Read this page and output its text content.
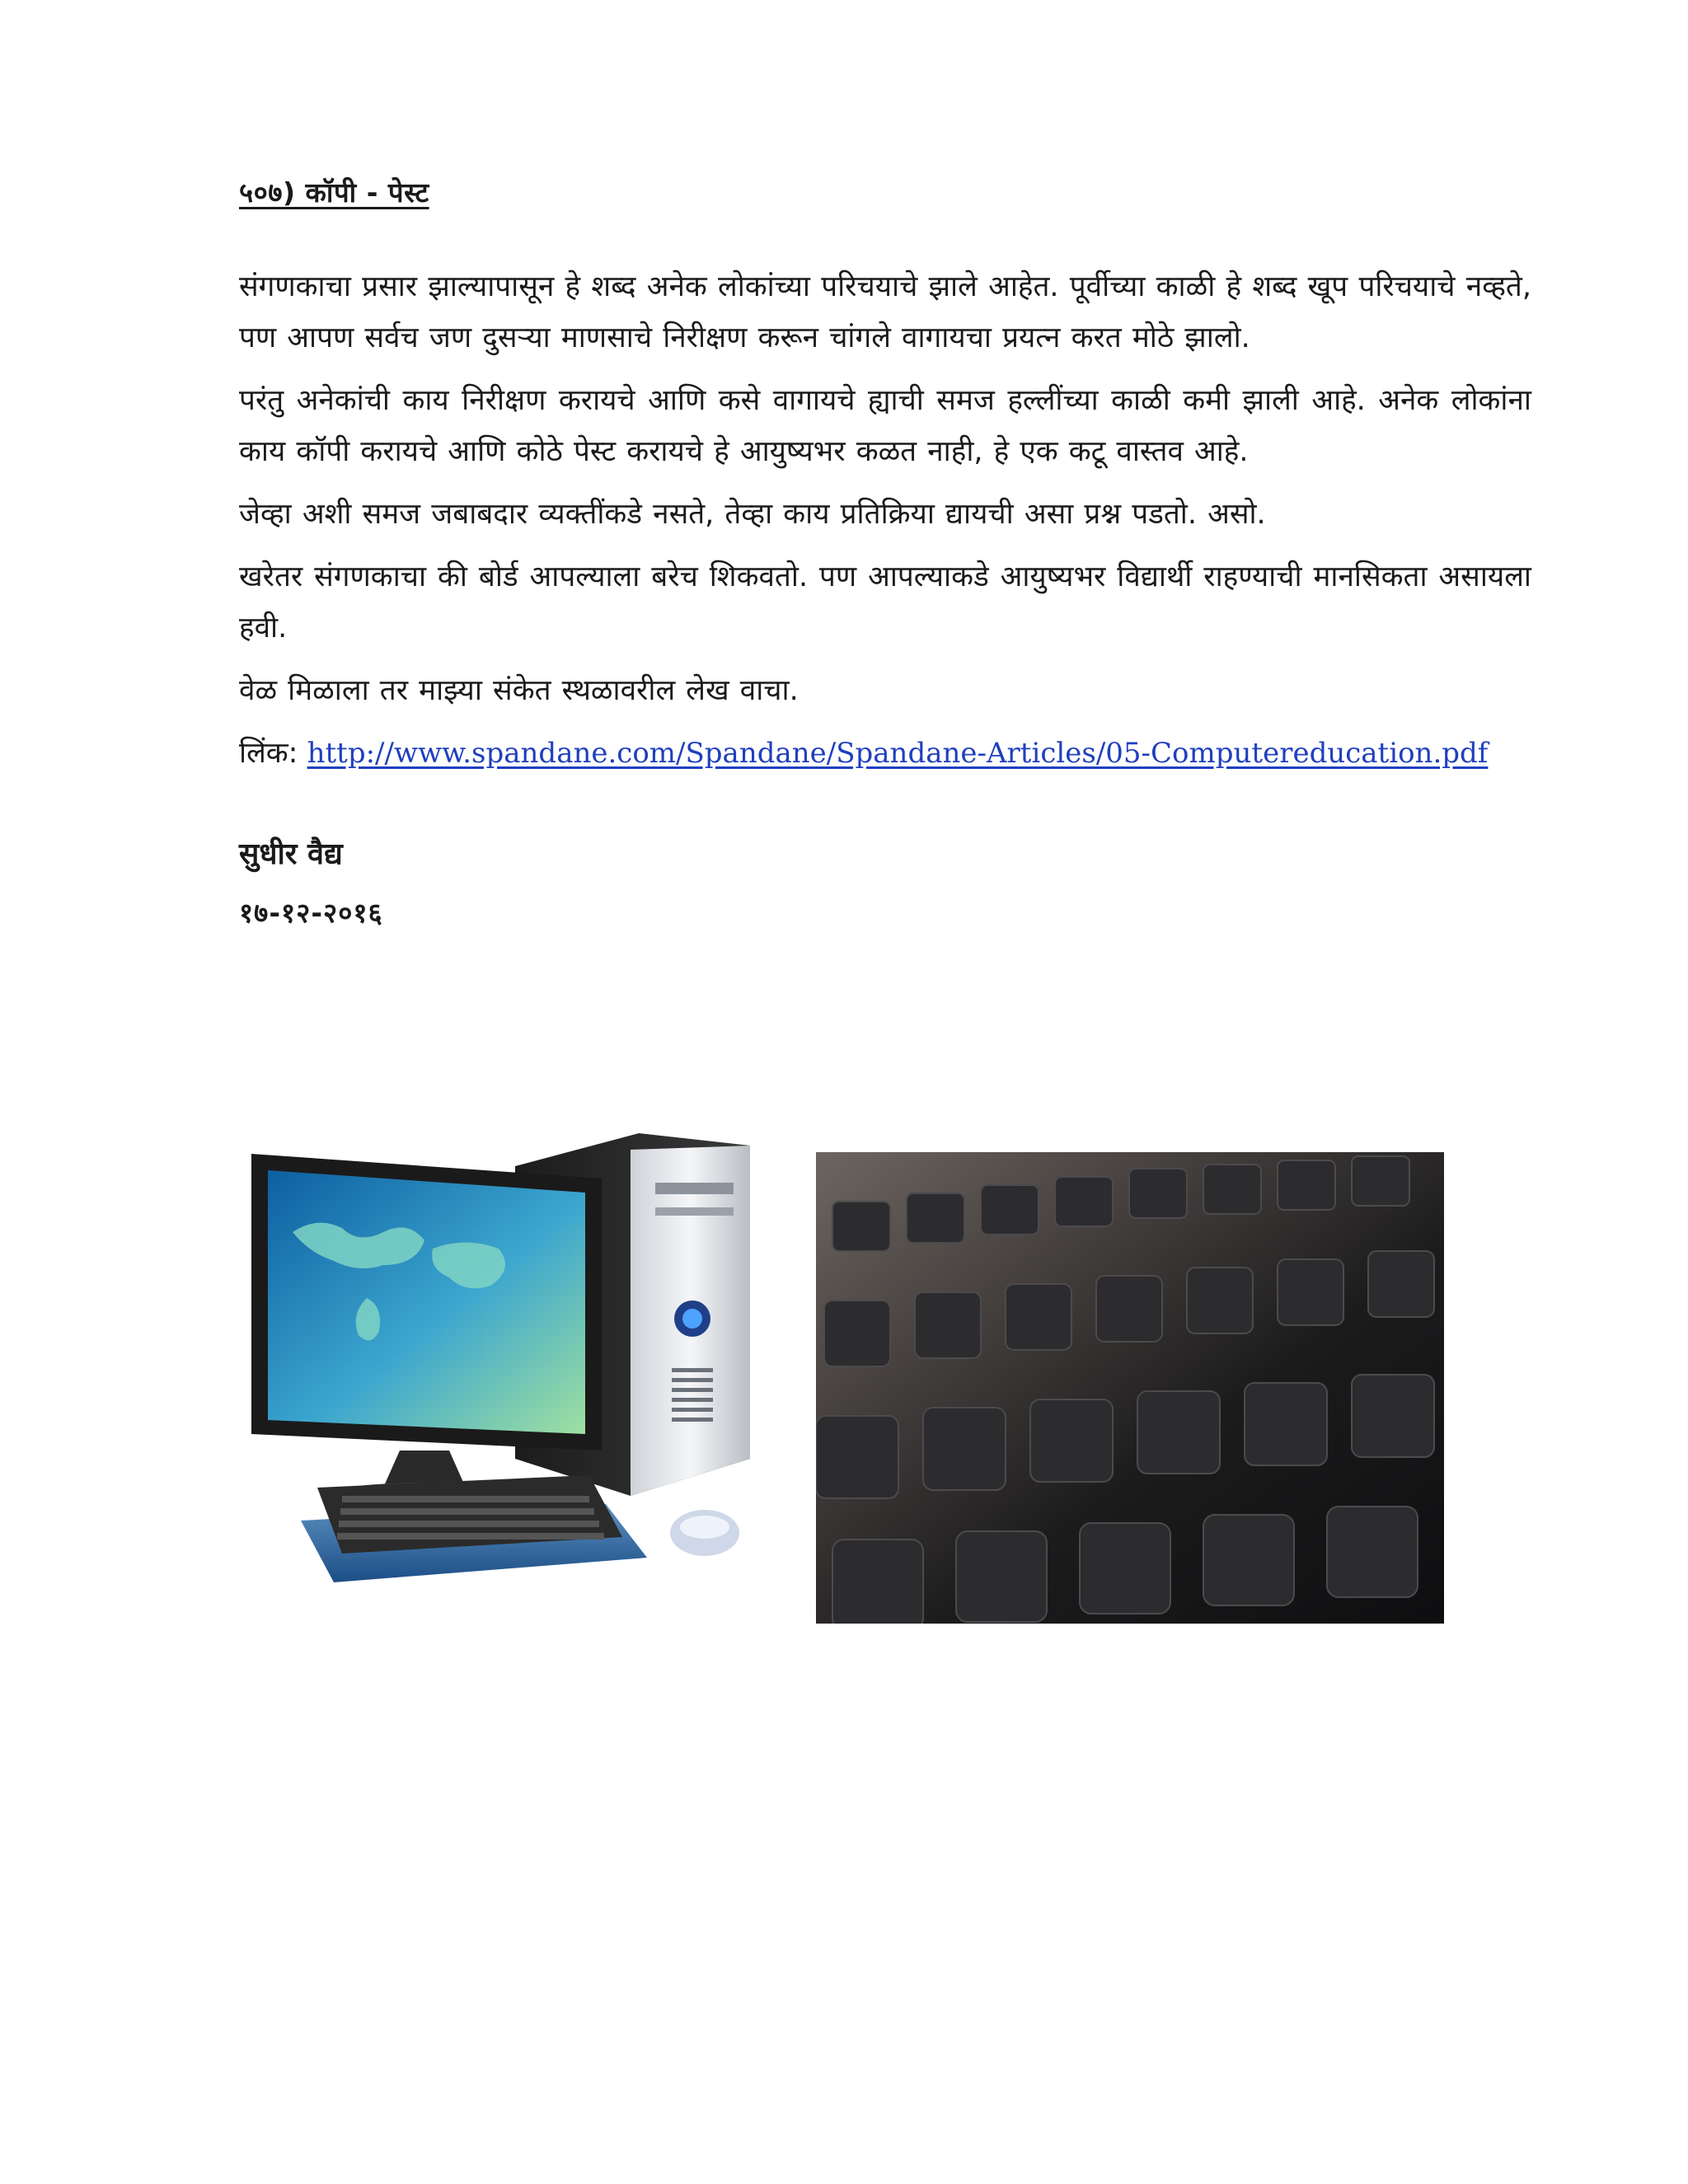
५०७) कॉपी - पेस्ट

संगणकाचा प्रसार झाल्यापासून हे शब्द अनेक लोकांच्या परिचयाचे झाले आहेत. पूर्वीच्या काळी हे शब्द खूप परिचयाचे नव्हते, पण आपण सर्वच जण दुसऱ्या माणसाचे निरीक्षण करून चांगले वागायचा प्रयत्न करत मोठे झालो.

परंतु अनेकांची काय निरीक्षण करायचे आणि कसे वागायचे ह्याची समज हल्लींच्या काळी कमी झाली आहे. अनेक लोकांना काय कॉपी करायचे आणि कोठे पेस्ट करायचे हे आयुष्यभर कळत नाही, हे एक कटू वास्तव आहे.

जेव्हा अशी समज जबाबदार व्यक्तींकडे नसते, तेव्हा काय प्रतिक्रिया द्यायची असा प्रश्न पडतो. असो.

खरेतर संगणकाचा की बोर्ड आपल्याला बरेच शिकवतो. पण आपल्याकडे आयुष्यभर विद्यार्थी राहण्याची मानसिकता असायला हवी.

वेळ मिळाला तर माझ्या संकेत स्थळावरील लेख वाचा.

लिंक: http://www.spandane.com/Spandane/Spandane-Articles/05-Computereducation.pdf

सुधीर वैद्य
१७-१२-२०१६
